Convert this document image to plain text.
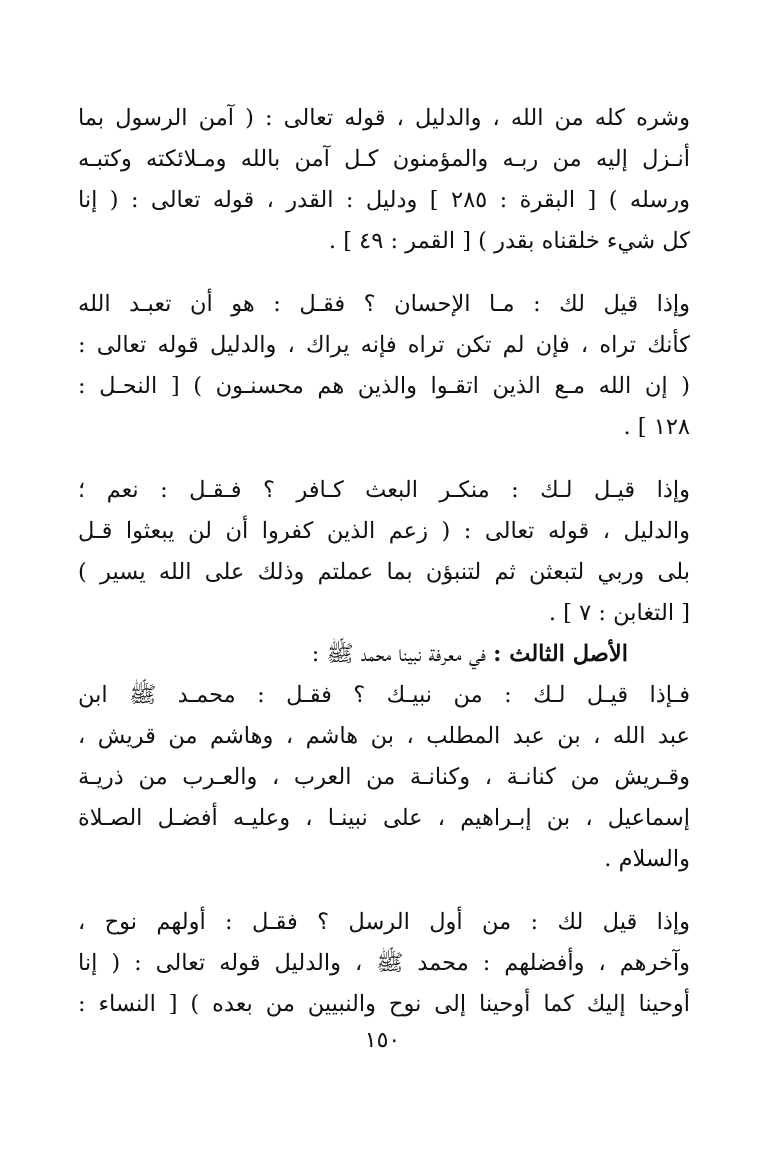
وشره كله من الله ، والدليل ، قوله تعالى : ( آمن الرسول بما
أنـزل إليه من ربـه والمؤمنون كـل آمن بالله ومـلائكته وكتبـه
ورسله ) [ البقرة : ٢٨٥ ] ودليل : القدر ، قوله تعالى : ( إنا
كل شيء خلقناه بقدر ) [ القمر : ٤٩ ] .
وإذا قيل لك : مـا الإحسان ؟ فقـل : هو أن تعبـد الله
كأنك تراه ، فإن لم تكن تراه فإنه يراك ، والدليل قوله تعالى :
( إن الله مـع الذين اتقـوا والذين هم محسنـون ) [ النحـل :
١٢٨ ] .
وإذا قيـل لـك : منكـر البعث كـافر ؟ فـقـل : نعم ؛
والدليل ، قوله تعالى : ( زعم الذين كفروا أن لن يبعثوا قـل
بلى وربي لتبعثن ثم لتنبؤن بما عملتم وذلك على الله يسير )
[ التغابن : ٧ ] .
الأصل الثالث : في معرفة نبينا محمد ﷺ :
فـإذا قيـل لـك : من نبيـك ؟ فقـل : محمـد ﷺ ابن
عبد الله ، بن عبد المطلب ، بن هاشم ، وهاشم من قريش ،
وقـريش من كنانـة ، وكنانـة من العرب ، والعـرب من ذريـة
إسماعيل ، بن إبـراهيم ، على نبينـا ، وعليـه أفضـل الصـلاة
والسلام .
وإذا قيل لك : من أول الرسل ؟ فقـل : أولهم نوح ،
وآخرهم ، وأفضلهم : محمد ﷺ ، والدليل قوله تعالى : ( إنا
أوحينا إليك كما أوحينا إلى نوح والنبيين من بعده ) [ النساء :
١٥٠
